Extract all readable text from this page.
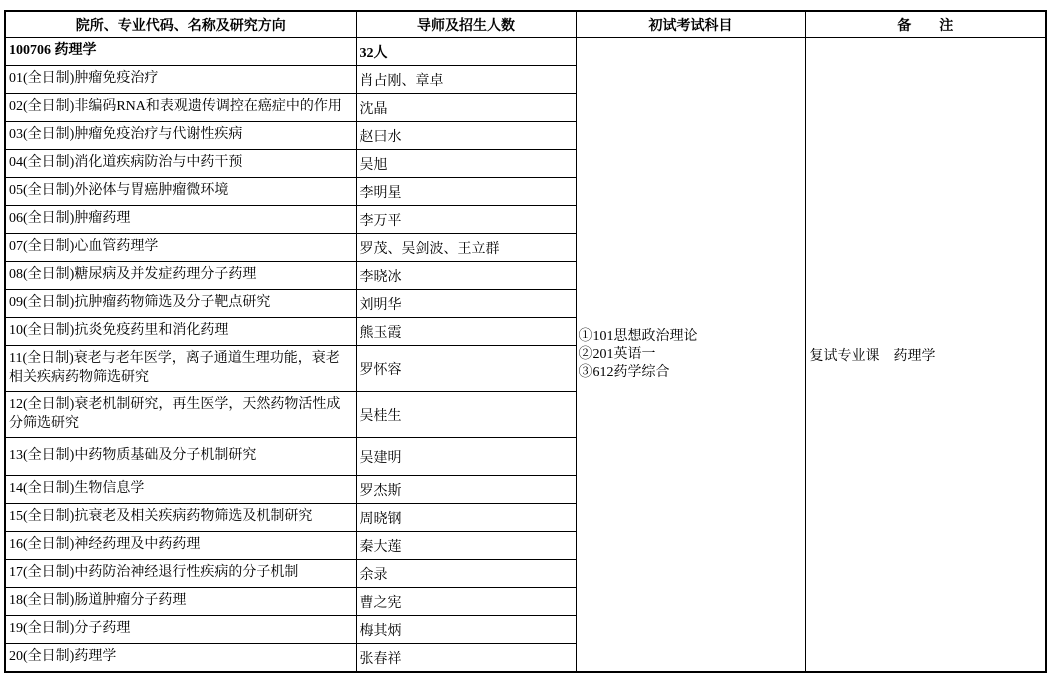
院所、专业代码、名称及研究方向	导师及招生人数	初试考试科目	备　　注
100706 药理学	32人	①101思想政治理论
②201英语一
③612药学综合	复试专业课　药理学
01(全日制)肿瘤免疫治疗	肖占刚、章卓		
02(全日制)非编码RNA和表观遗传调控在癌症中的作用	沈晶		
03(全日制)肿瘤免疫治疗与代谢性疾病	赵曰水		
04(全日制)消化道疾病防治与中药干预	吴旭		
05(全日制)外泌体与胃癌肿瘤微环境	李明星		
06(全日制)肿瘤药理	李万平		
07(全日制)心血管药理学	罗茂、吴剑波、王立群		
08(全日制)糖尿病及并发症药理分子药理	李晓冰		
09(全日制)抗肿瘤药物筛选及分子靶点研究	刘明华		
10(全日制)抗炎免疫药里和消化药理	熊玉霞		
11(全日制)衰老与老年医学，离子通道生理功能，衰老相关疾病药物筛选研究	罗怀容		
12(全日制)衰老机制研究，再生医学，天然药物活性成分筛选研究	吴桂生		
13(全日制)中药物质基础及分子机制研究	吴建明		
14(全日制)生物信息学	罗杰斯		
15(全日制)抗衰老及相关疾病药物筛选及机制研究	周晓钢		
16(全日制)神经药理及中药药理	秦大莲		
17(全日制)中药防治神经退行性疾病的分子机制	余录		
18(全日制)肠道肿瘤分子药理	曹之宪		
19(全日制)分子药理	梅其炳		
20(全日制)药理学	张春祥		
